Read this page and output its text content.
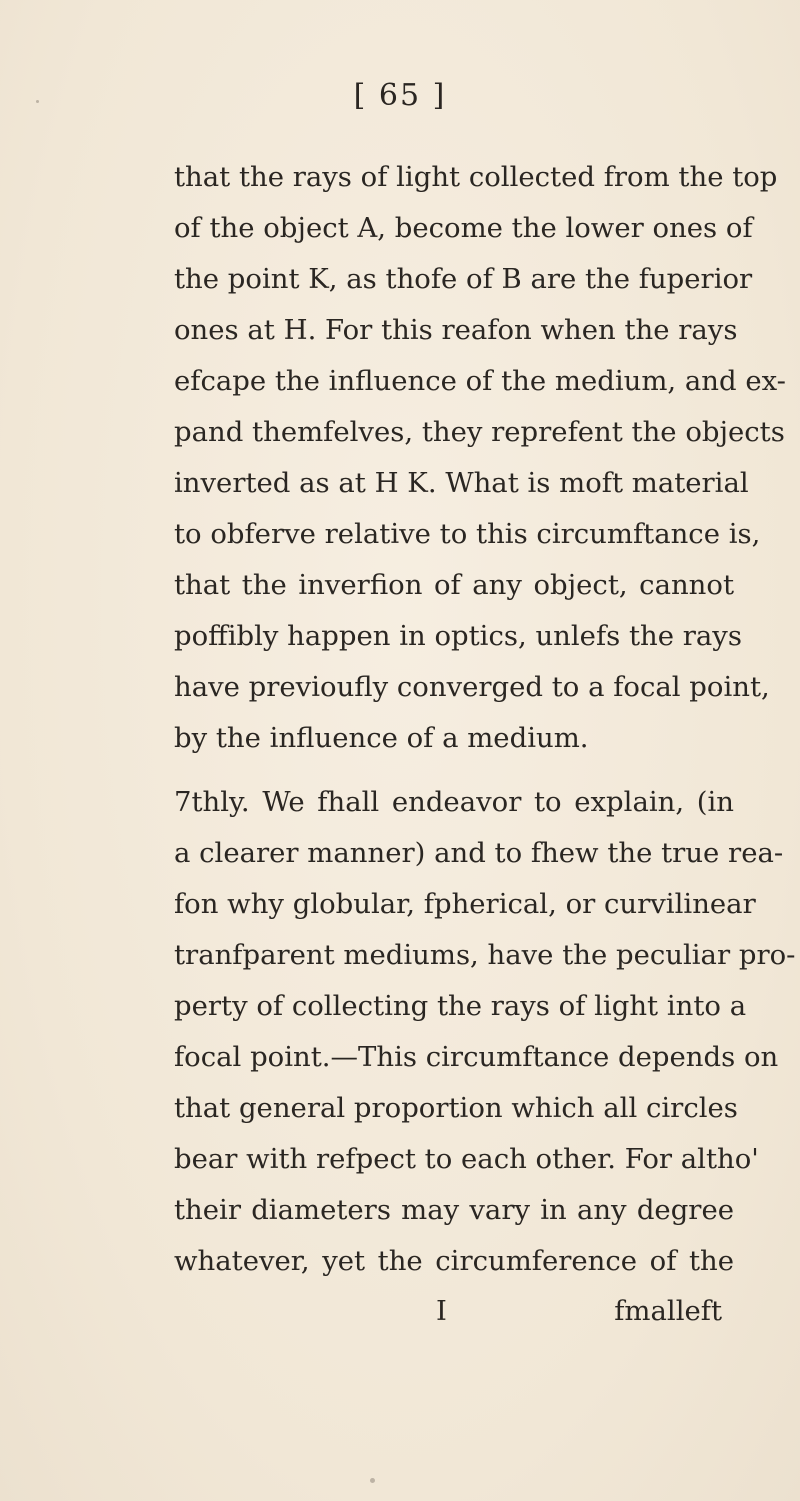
[ 65 ]
that the rays of light collected from the top
of the object A, become the lower ones of
the point K, as thofe of B are the fuperior
ones at H. For this reafon when the rays
efcape the influence of the medium, and ex-
pand themfelves, they reprefent the objects
inverted as at H K. What is moft material
to obferve relative to this circumftance is,
that the inverfion of any object, cannot
poffibly happen in optics, unlefs the rays
have previoufly converged to a focal point,
by the influence of a medium.
7thly. We fhall endeavor to explain, (in
a clearer manner) and to fhew the true rea-
fon why globular, fpherical, or curvilinear
tranfparent mediums, have the peculiar pro-
perty of collecting the rays of light into a
focal point.—This circumftance depends on
that general proportion which all circles
bear with refpect to each other. For altho'
their diameters may vary in any degree
whatever, yet the circumference of the
I	fmalleft
